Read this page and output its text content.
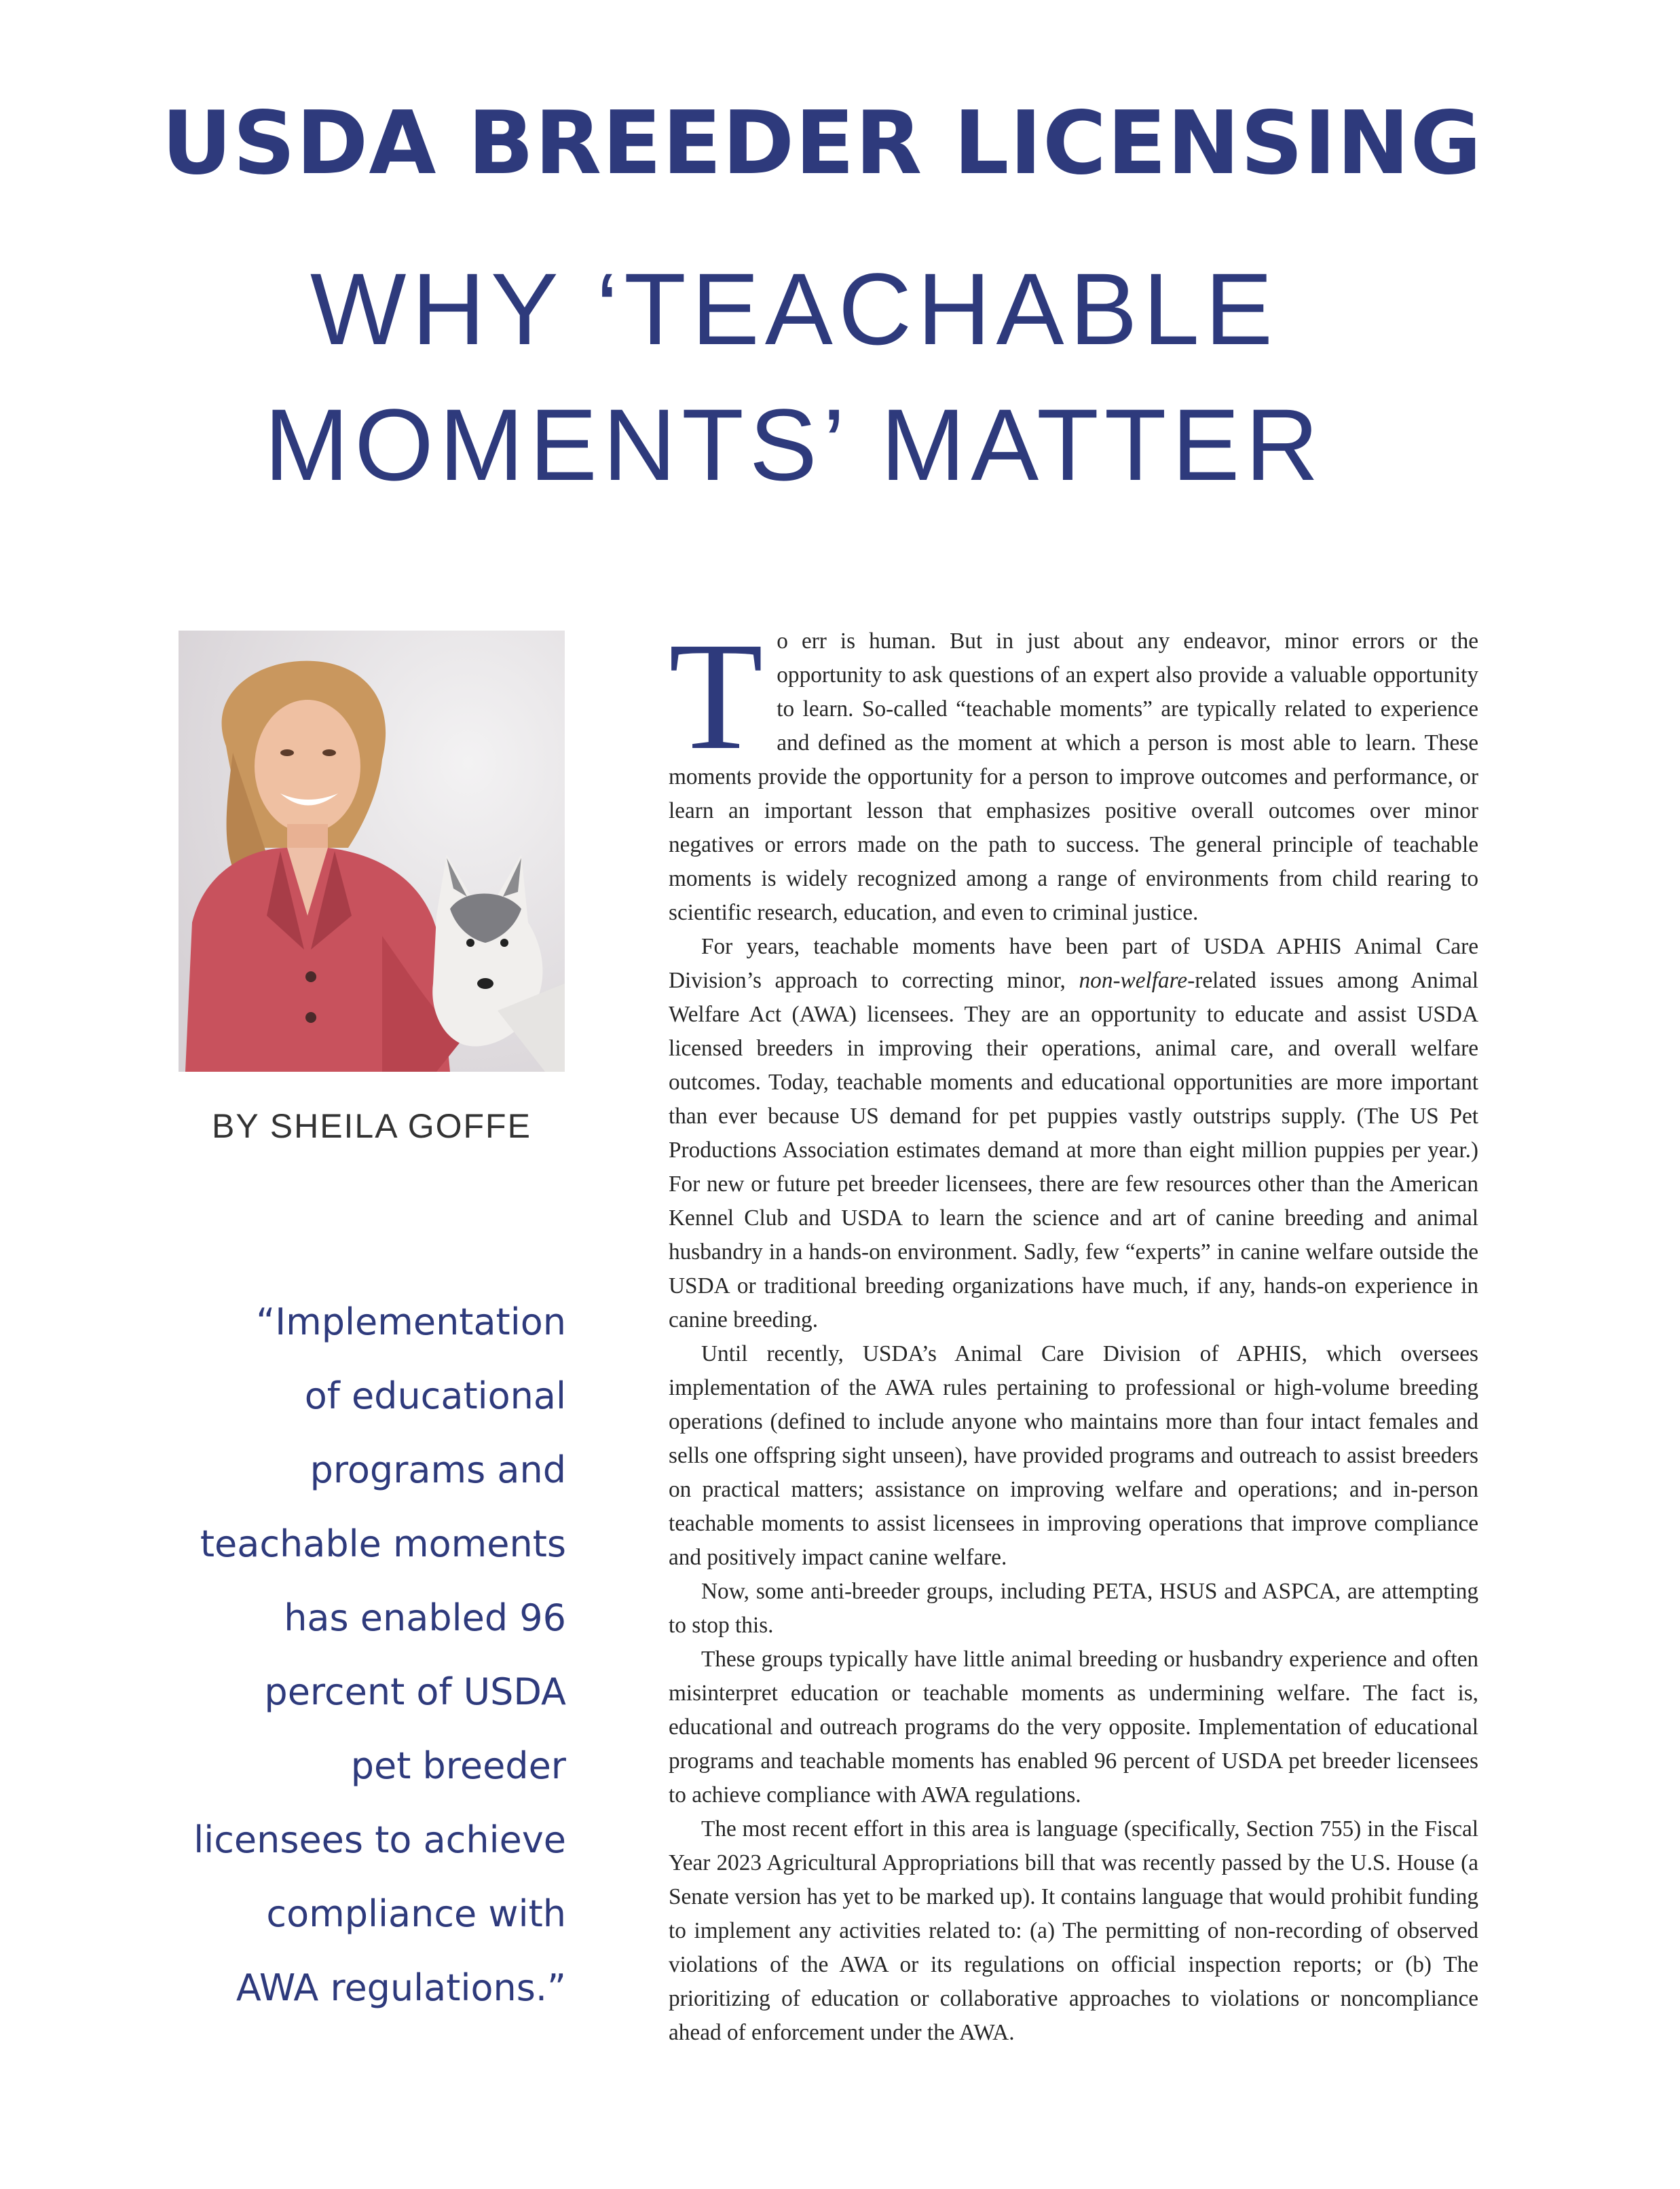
USDA BREEDER LICENSING
WHY ‘TEACHABLE
MOMENTS’ MATTER

BY SHEILA GOFFE

“Implementation
of educational
programs and
teachable moments
has enabled 96
percent of USDA
pet breeder
licensees to achieve
compliance with
AWA regulations.”

To err is human. But in just about any endeavor, minor errors or the opportunity to ask questions of an expert also provide a valuable opportunity to learn. So-called “teachable moments” are typically related to experience and defined as the moment at which a person is most able to learn. These moments provide the opportunity for a person to improve outcomes and performance, or learn an important lesson that emphasizes positive overall outcomes over minor negatives or errors made on the path to success. The general principle of teachable moments is widely recognized among a range of environments from child rearing to scientific research, education, and even to criminal justice.

For years, teachable moments have been part of USDA APHIS Animal Care Division’s approach to correcting minor, non-welfare-related issues among Animal Welfare Act (AWA) licensees. They are an opportunity to educate and assist USDA licensed breeders in improving their operations, animal care, and overall welfare outcomes. Today, teachable moments and educational opportunities are more important than ever because US demand for pet puppies vastly outstrips supply. (The US Pet Productions Association estimates demand at more than eight million puppies per year.) For new or future pet breeder licensees, there are few resources other than the American Kennel Club and USDA to learn the science and art of canine breeding and animal husbandry in a hands-on environment. Sadly, few “experts” in canine welfare outside the USDA or traditional breeding organizations have much, if any, hands-on experience in canine breeding.

Until recently, USDA’s Animal Care Division of APHIS, which oversees implementation of the AWA rules pertaining to professional or high-volume breeding operations (defined to include anyone who maintains more than four intact females and sells one offspring sight unseen), have provided programs and outreach to assist breeders on practical matters; assistance on improving welfare and operations; and in-person teachable moments to assist licensees in improving operations that improve compliance and positively impact canine welfare.

Now, some anti-breeder groups, including PETA, HSUS and ASPCA, are attempting to stop this.

These groups typically have little animal breeding or husbandry experience and often misinterpret education or teachable moments as undermining welfare. The fact is, educational and outreach programs do the very opposite. Implementation of educational programs and teachable moments has enabled 96 percent of USDA pet breeder licensees to achieve compliance with AWA regulations.

The most recent effort in this area is language (specifically, Section 755) in the Fiscal Year 2023 Agricultural Appropriations bill that was recently passed by the U.S. House (a Senate version has yet to be marked up). It contains language that would prohibit funding to implement any activities related to: (a) The permitting of non-recording of observed violations of the AWA or its regulations on official inspection reports; or (b) The prioritizing of education or collaborative approaches to violations or noncompliance ahead of enforcement under the AWA.
